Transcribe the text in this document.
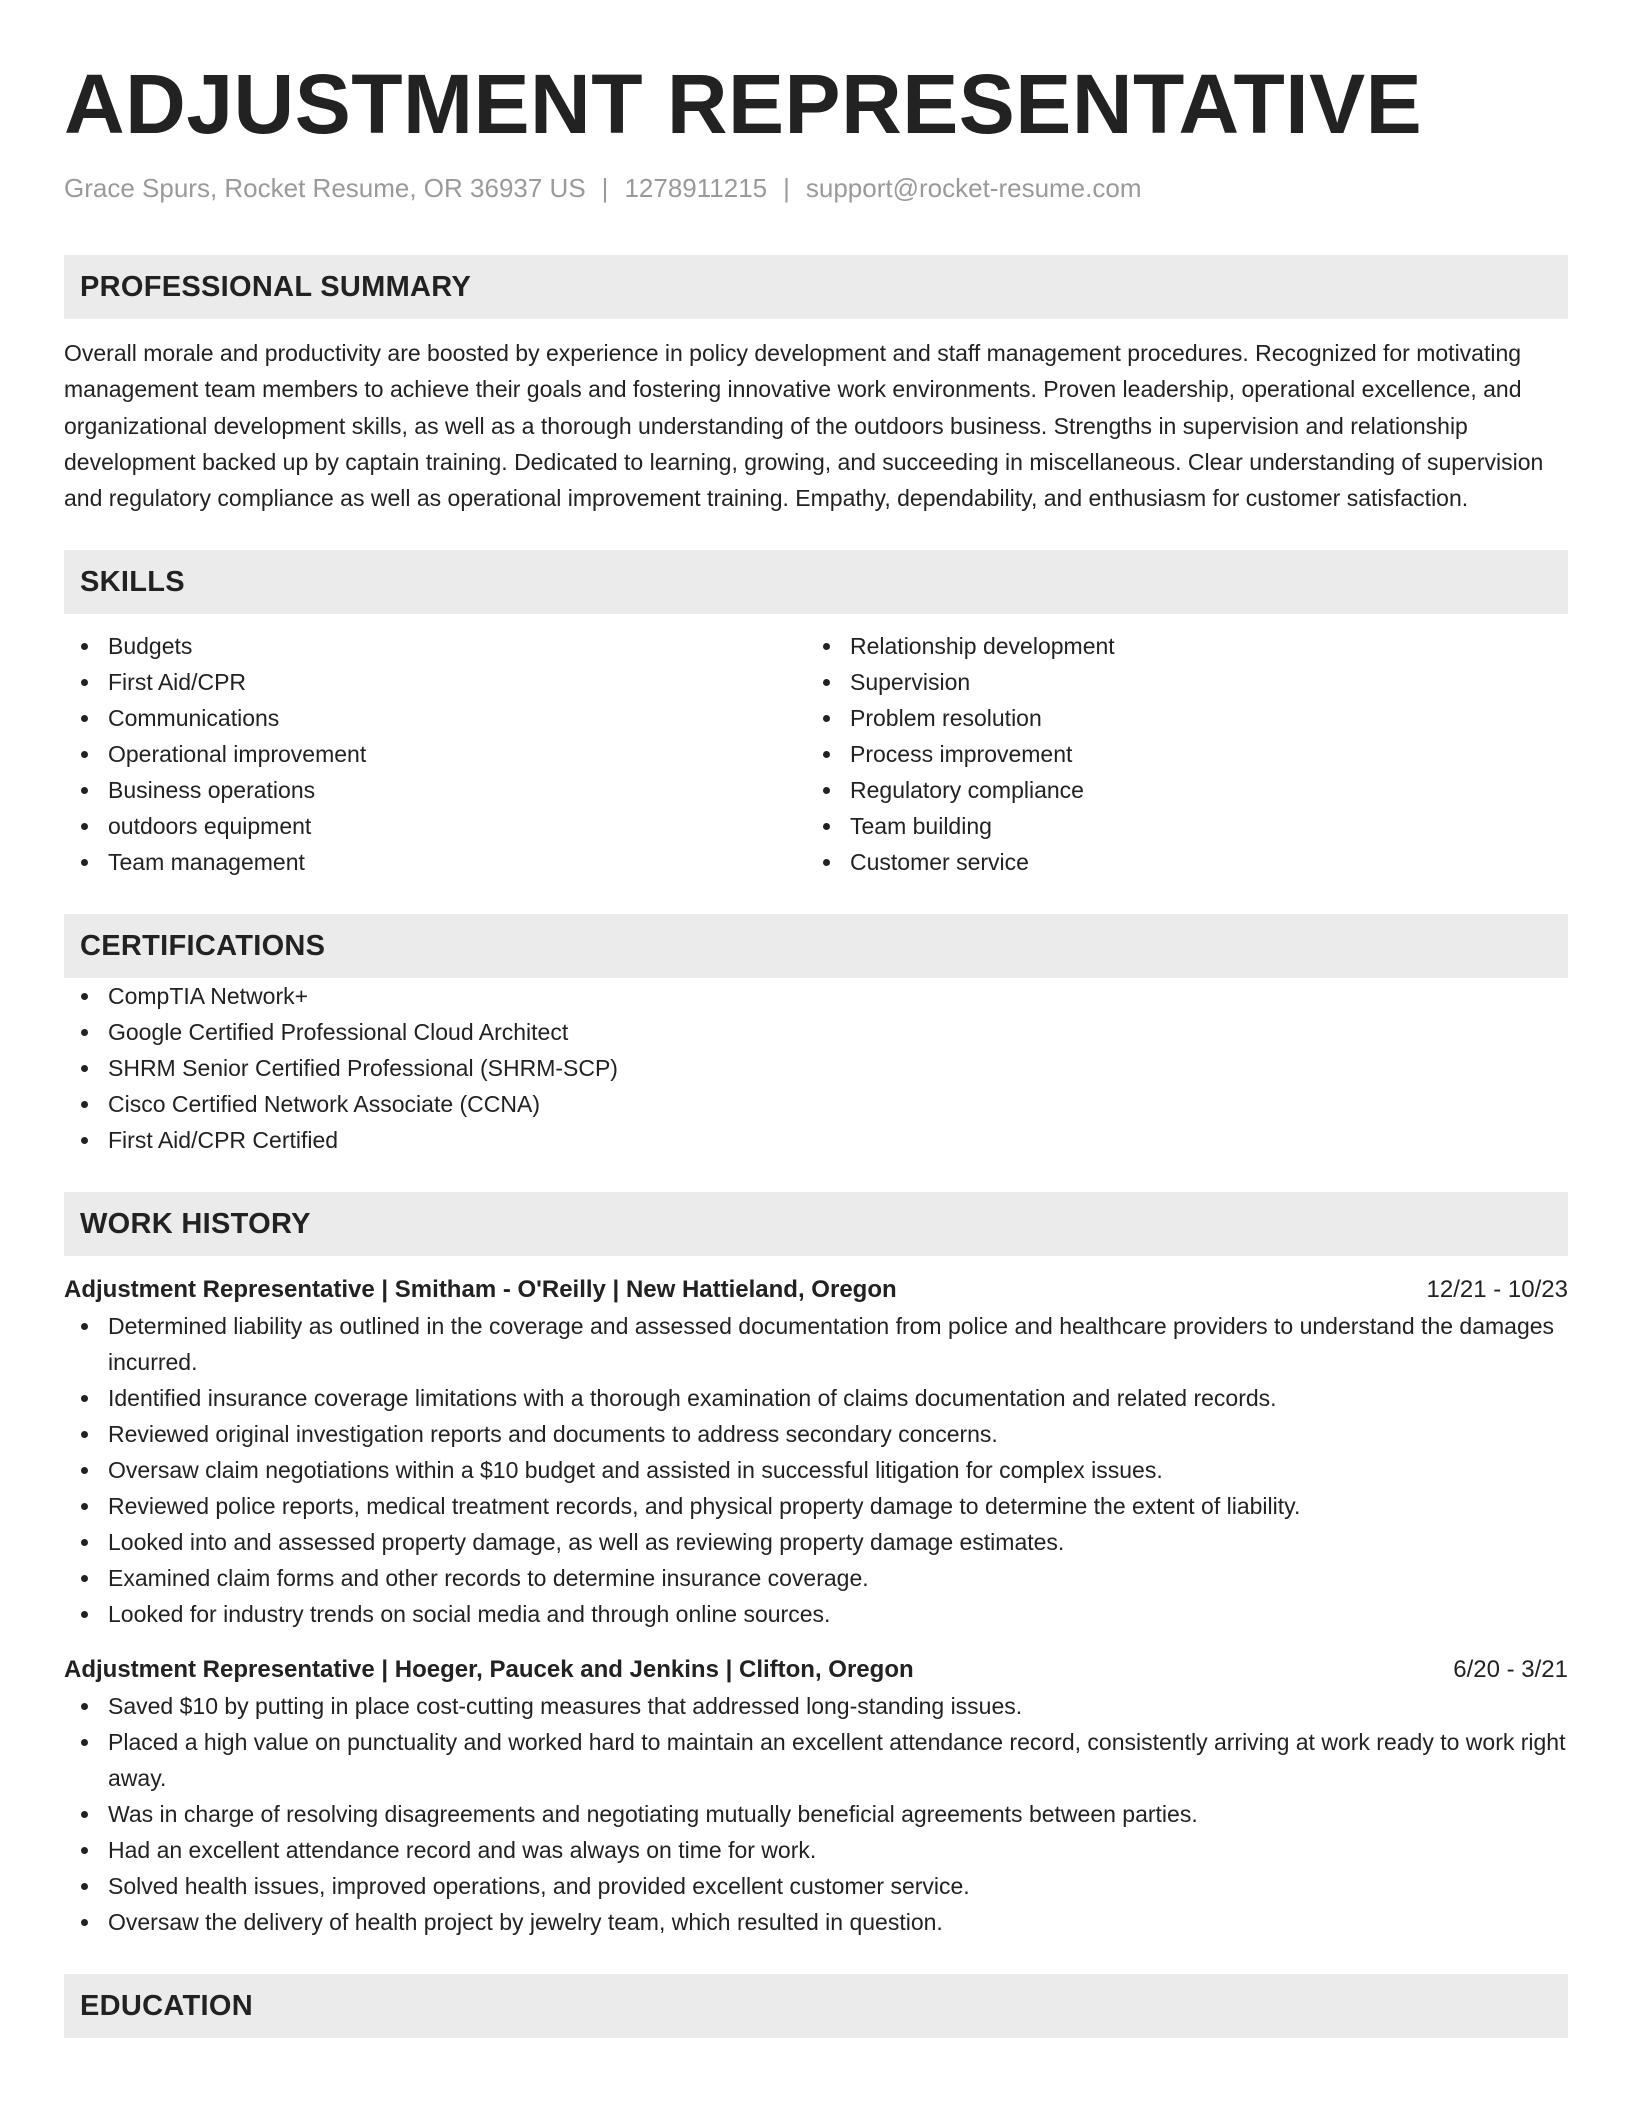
ADJUSTMENT REPRESENTATIVE
Grace Spurs, Rocket Resume, OR 36937 US | 1278911215 | support@rocket-resume.com
PROFESSIONAL SUMMARY

Overall morale and productivity are boosted by experience in policy development and staff management procedures. Recognized for motivating management team members to achieve their goals and fostering innovative work environments. Proven leadership, operational excellence, and organizational development skills, as well as a thorough understanding of the outdoors business. Strengths in supervision and relationship development backed up by captain training. Dedicated to learning, growing, and succeeding in miscellaneous. Clear understanding of supervision and regulatory compliance as well as operational improvement training. Empathy, dependability, and enthusiasm for customer satisfaction.

SKILLS
Budgets
First Aid/CPR
Communications
Operational improvement
Business operations
outdoors equipment
Team management
Relationship development
Supervision
Problem resolution
Process improvement
Regulatory compliance
Team building
Customer service
CERTIFICATIONS
CompTIA Network+
Google Certified Professional Cloud Architect
SHRM Senior Certified Professional (SHRM-SCP)
Cisco Certified Network Associate (CCNA)
First Aid/CPR Certified
WORK HISTORY
Adjustment Representative | Smitham - O'Reilly | New Hattieland, Oregon	12/21 - 10/23
Determined liability as outlined in the coverage and assessed documentation from police and healthcare providers to understand the damages incurred.
Identified insurance coverage limitations with a thorough examination of claims documentation and related records.
Reviewed original investigation reports and documents to address secondary concerns.
Oversaw claim negotiations within a $10 budget and assisted in successful litigation for complex issues.
Reviewed police reports, medical treatment records, and physical property damage to determine the extent of liability.
Looked into and assessed property damage, as well as reviewing property damage estimates.
Examined claim forms and other records to determine insurance coverage.
Looked for industry trends on social media and through online sources.
Adjustment Representative | Hoeger, Paucek and Jenkins | Clifton, Oregon	6/20 - 3/21
Saved $10 by putting in place cost-cutting measures that addressed long-standing issues.
Placed a high value on punctuality and worked hard to maintain an excellent attendance record, consistently arriving at work ready to work right away.
Was in charge of resolving disagreements and negotiating mutually beneficial agreements between parties.
Had an excellent attendance record and was always on time for work.
Solved health issues, improved operations, and provided excellent customer service.
Oversaw the delivery of health project by jewelry team, which resulted in question.
EDUCATION
